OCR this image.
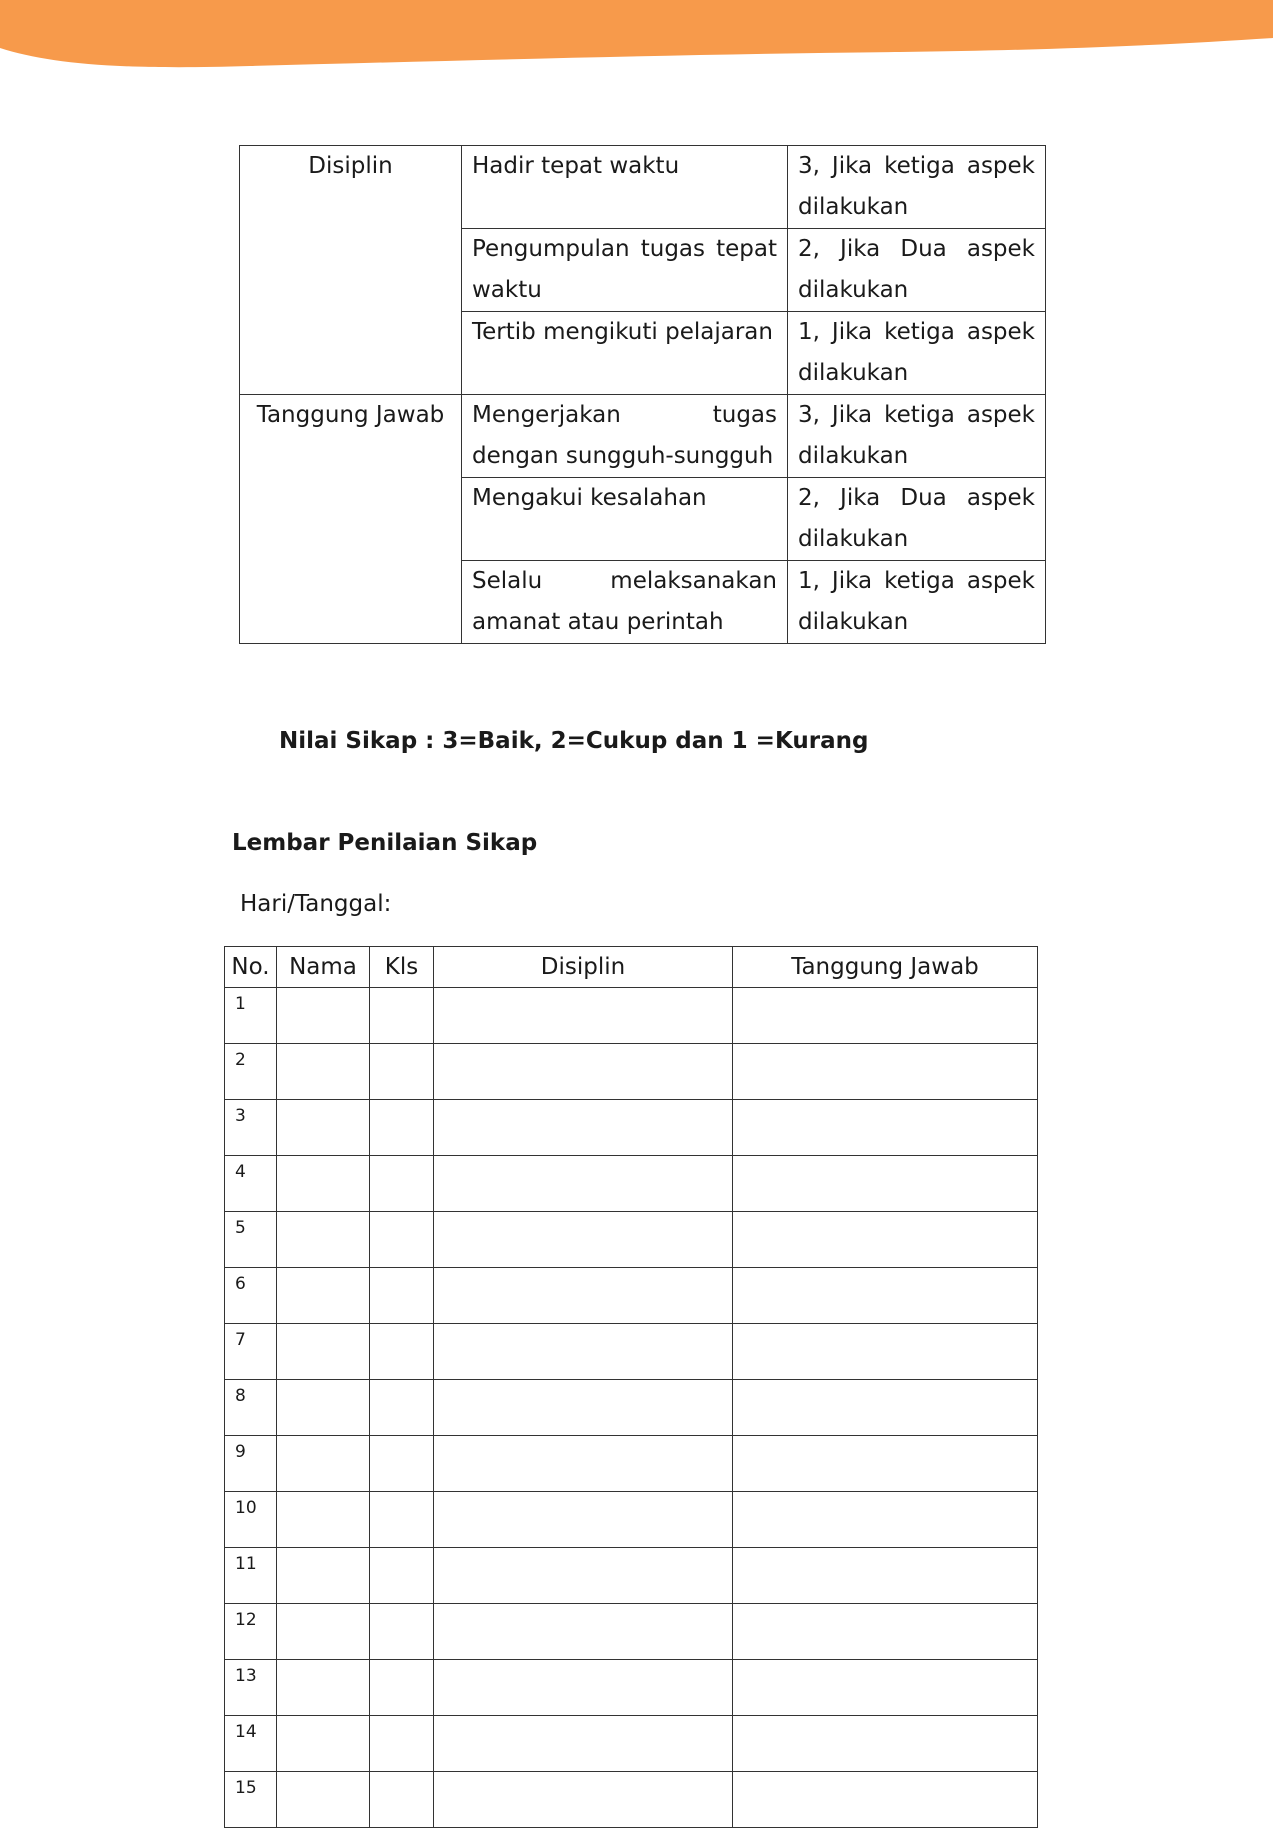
Disiplin	Hadir tepat waktu	3, Jika ketiga aspek
dilakukan

	Pengumpulan tugas tepat waktu	2, Jika Dua aspek
dilakukan

	Tertib mengikuti pelajaran	1, Jika ketiga aspek
dilakukan

Tanggung Jawab	Mengerjakan tugas dengan sungguh-sungguh	3, Jika ketiga aspek
dilakukan

	Mengakui kesalahan	2, Jika Dua aspek
dilakukan

	Selalu melaksanakan amanat atau perintah	1, Jika ketiga aspek
dilakukan

Nilai Sikap : 3=Baik, 2=Cukup dan 1 =Kurang

Lembar Penilaian Sikap

Hari/Tanggal:

No.	Nama	Kls	Disiplin	Tanggung Jawab
1				
2				
3				
4				
5				
6				
7				
8				
9				
10				
11				
12				
13				
14				
15				
